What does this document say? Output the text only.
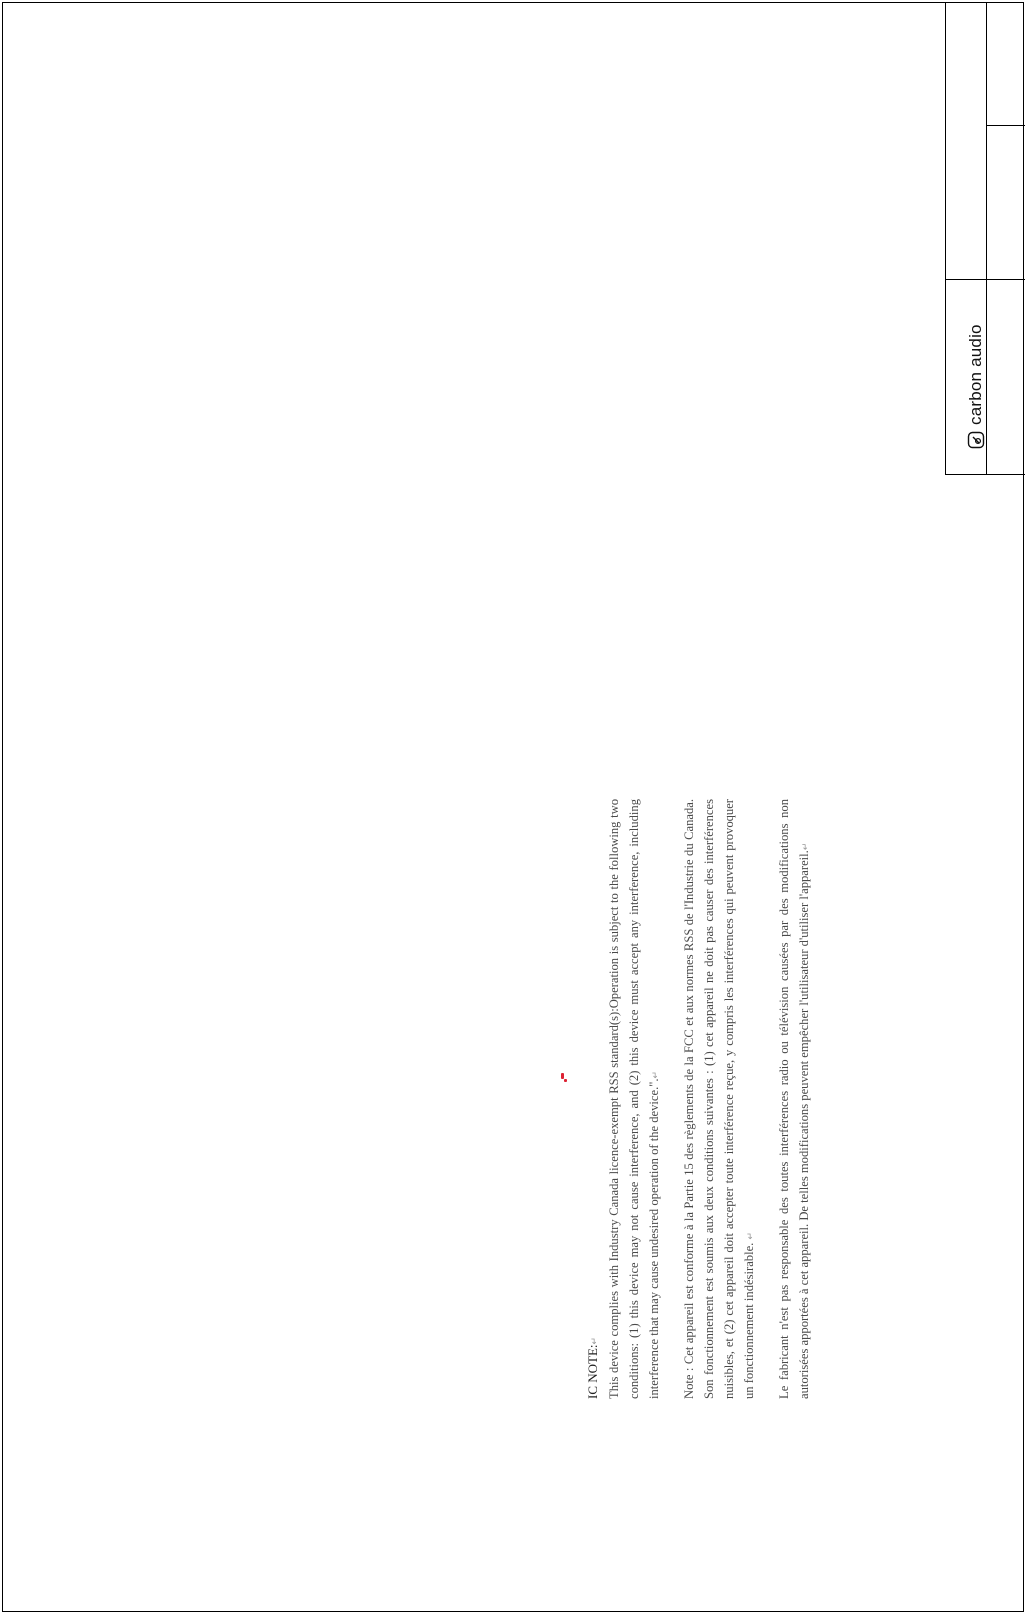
carbon audio

IC NOTE:↵ This device complies with Industry Canada licence-exempt RSS standard(s):Operation is subject to the following two conditions: (1) this device may not cause interference, and (2) this device must accept any interference, including interference that may cause undesired operation of the device.".↵	Note : Cet appareil est conforme à la Partie 15 des règlements de la FCC et aux normes RSS de l'Industrie du Canada. Son fonctionnement est soumis aux deux conditions suivantes : (1) cet appareil ne doit pas causer des interférences nuisibles, et (2) cet appareil doit accepter toute interférence reçue, y compris les interférences qui peuvent provoquer un fonctionnement indésirable. ↵	Le fabricant n'est pas responsable des toutes interférences radio ou télévision causées par des modifications non autorisées apportées à cet appareil. De telles modifications peuvent empêcher l'utilisateur d'utiliser l'appareil.↵
